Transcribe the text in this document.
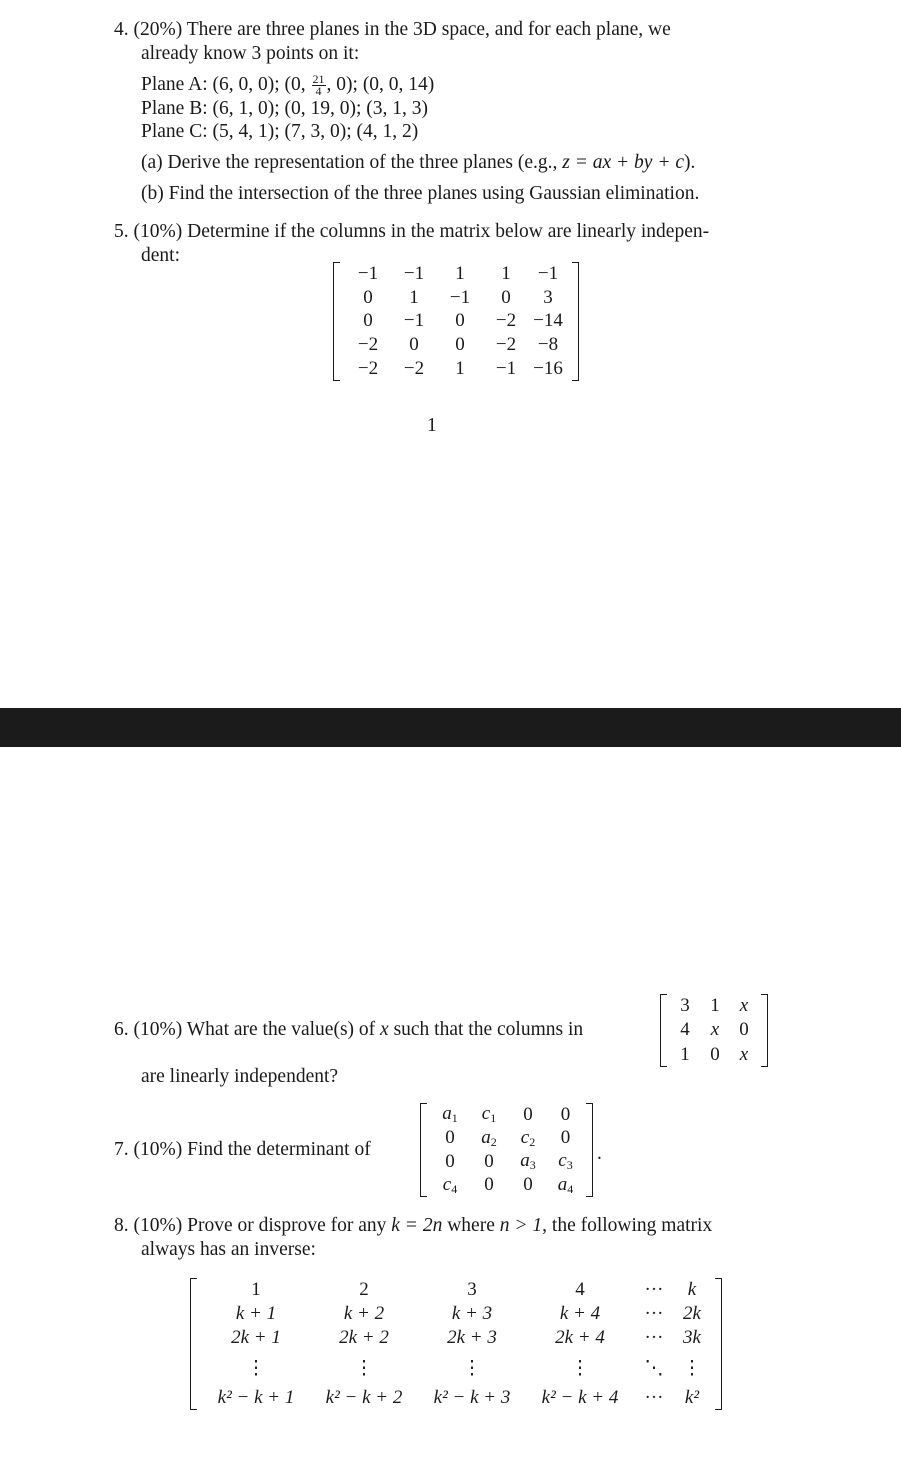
4. (20%) There are three planes in the 3D space, and for each plane, we
already know 3 points on it:
Plane A: (6, 0, 0); (0, $\frac{21}{4}$ , 0); (0, 0, 14)
Plane B: (6, 1, 0); (0, 19, 0); (3, 1, 3)
Plane C: (5, 4, 1); (7, 3, 0); (4, 1, 2)
(a) Derive the representation of the three planes (e.g., z = ax + by + c).
(b) Find the intersection of the three planes using Gaussian elimination.
5. (10%) Determine if the columns in the matrix below are linearly indepen-
dent:
−1	−1	1	1	−1
0	1	−1	0	3
0	−1	0	−2	−14
−2	0	0	−2	−8
−2	−2	1	−1	−16
1
6. (10%) What are the value(s) of x such that the columns in
3	1	x
4	x	0
1	0	x
are linearly independent?
7. (10%) Find the determinant of
$a_1$	$c_1$	0	0
0	$a_2$	$c_2$	0
0	0	$a_3$	$c_3$
$c_4$	0	0	$a_4$
.
8. (10%) Prove or disprove for any k = 2n where n > 1, the following matrix
always has an inverse:
1	2	3	4	···	k
k + 1	k + 2	k + 3	k + 4	···	2k
2k + 1	2k + 2	2k + 3	2k + 4	···	3k
⋮	⋮	⋮	⋮	⋱	⋮
k² − k + 1	k² − k + 2	k² − k + 3	k² − k + 4	···	k²
